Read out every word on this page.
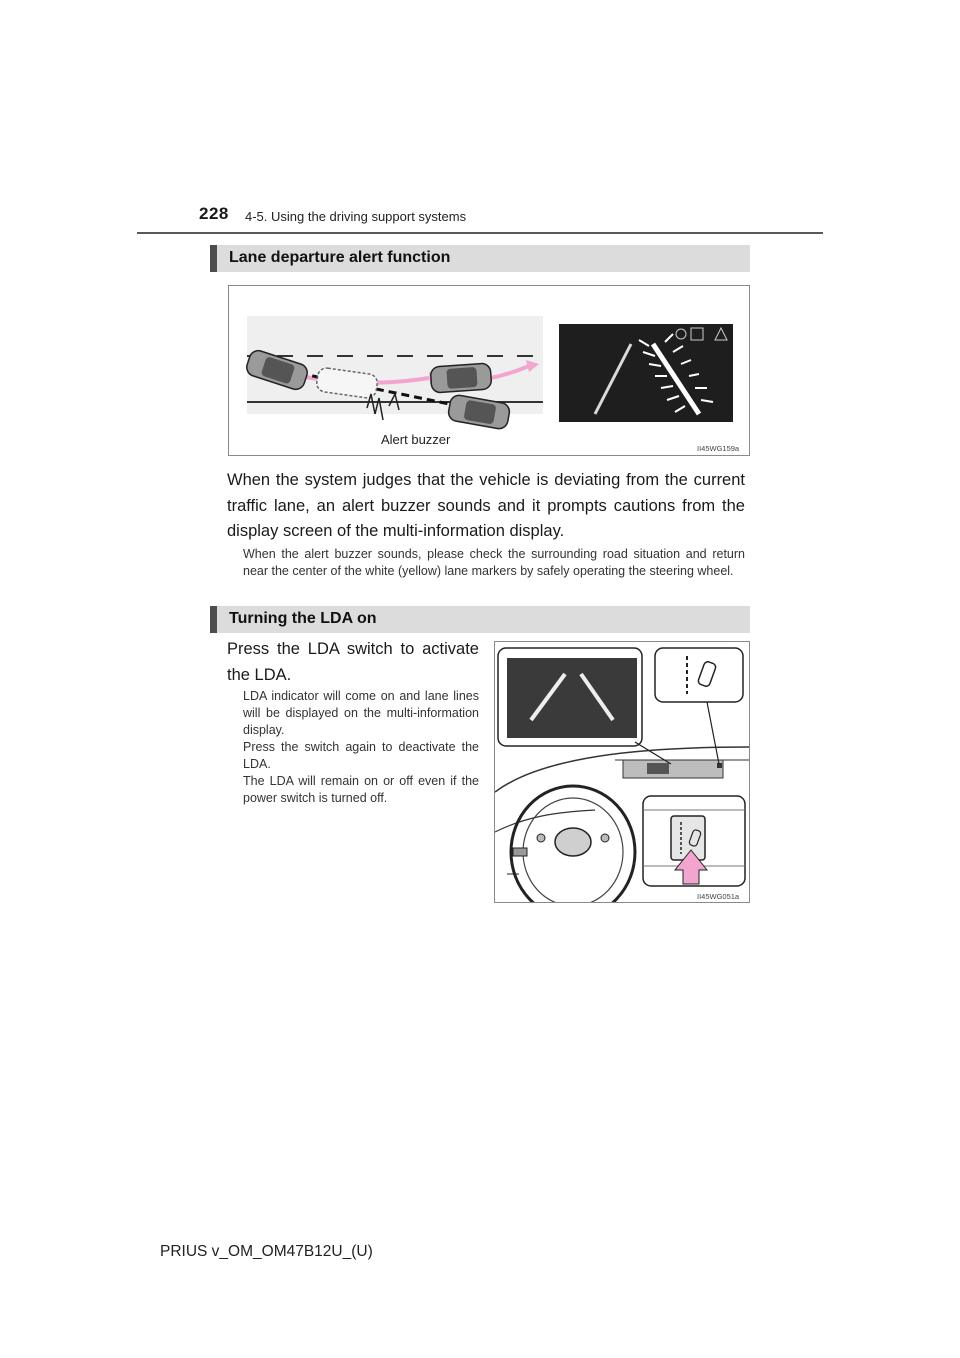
228 4-5. Using the driving support systems
Lane departure alert function
Alert buzzer
II45WG159a
When the system judges that the vehicle is deviating from the current traffic lane, an alert buzzer sounds and it prompts cautions from the display screen of the multi-information display.
When the alert buzzer sounds, please check the surrounding road situation and return near the center of the white (yellow) lane markers by safely operating the steering wheel.
Turning the LDA on
Press the LDA switch to activate the LDA.
LDA indicator will come on and lane lines will be displayed on the multi-information display.
Press the switch again to deactivate the LDA.
The LDA will remain on or off even if the power switch is turned off.
II45WG051a
PRIUS v_OM_OM47B12U_(U)
